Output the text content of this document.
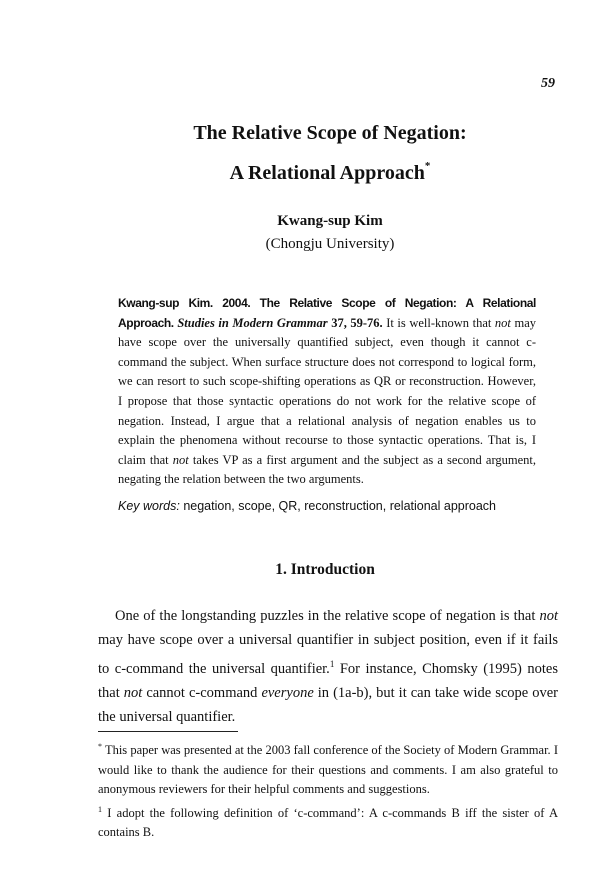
59
The Relative Scope of Negation:
A Relational Approach*
Kwang-sup Kim
(Chongju University)
Kwang-sup Kim. 2004. The Relative Scope of Negation: A Relational Approach. Studies in Modern Grammar 37, 59-76. It is well-known that not may have scope over the universally quantified subject, even though it cannot c-command the subject. When surface structure does not correspond to logical form, we can resort to such scope-shifting operations as QR or reconstruction. However, I propose that those syntactic operations do not work for the relative scope of negation. Instead, I argue that a relational analysis of negation enables us to explain the phenomena without recourse to those syntactic operations. That is, I claim that not takes VP as a first argument and the subject as a second argument, negating the relation between the two arguments.
Key words: negation, scope, QR, reconstruction, relational approach
1. Introduction
One of the longstanding puzzles in the relative scope of negation is that not may have scope over a universal quantifier in subject position, even if it fails to c-command the universal quantifier.$^1$ For instance, Chomsky (1995) notes that not cannot c-command everyone in (1a-b), but it can take wide scope over the universal quantifier.

* This paper was presented at the 2003 fall conference of the Society of Modern Grammar. I would like to thank the audience for their questions and comments. I am also grateful to anonymous reviewers for their helpful comments and suggestions.

$^1$ I adopt the following definition of ‘c-command’: A c-commands B iff the sister of A contains B.
